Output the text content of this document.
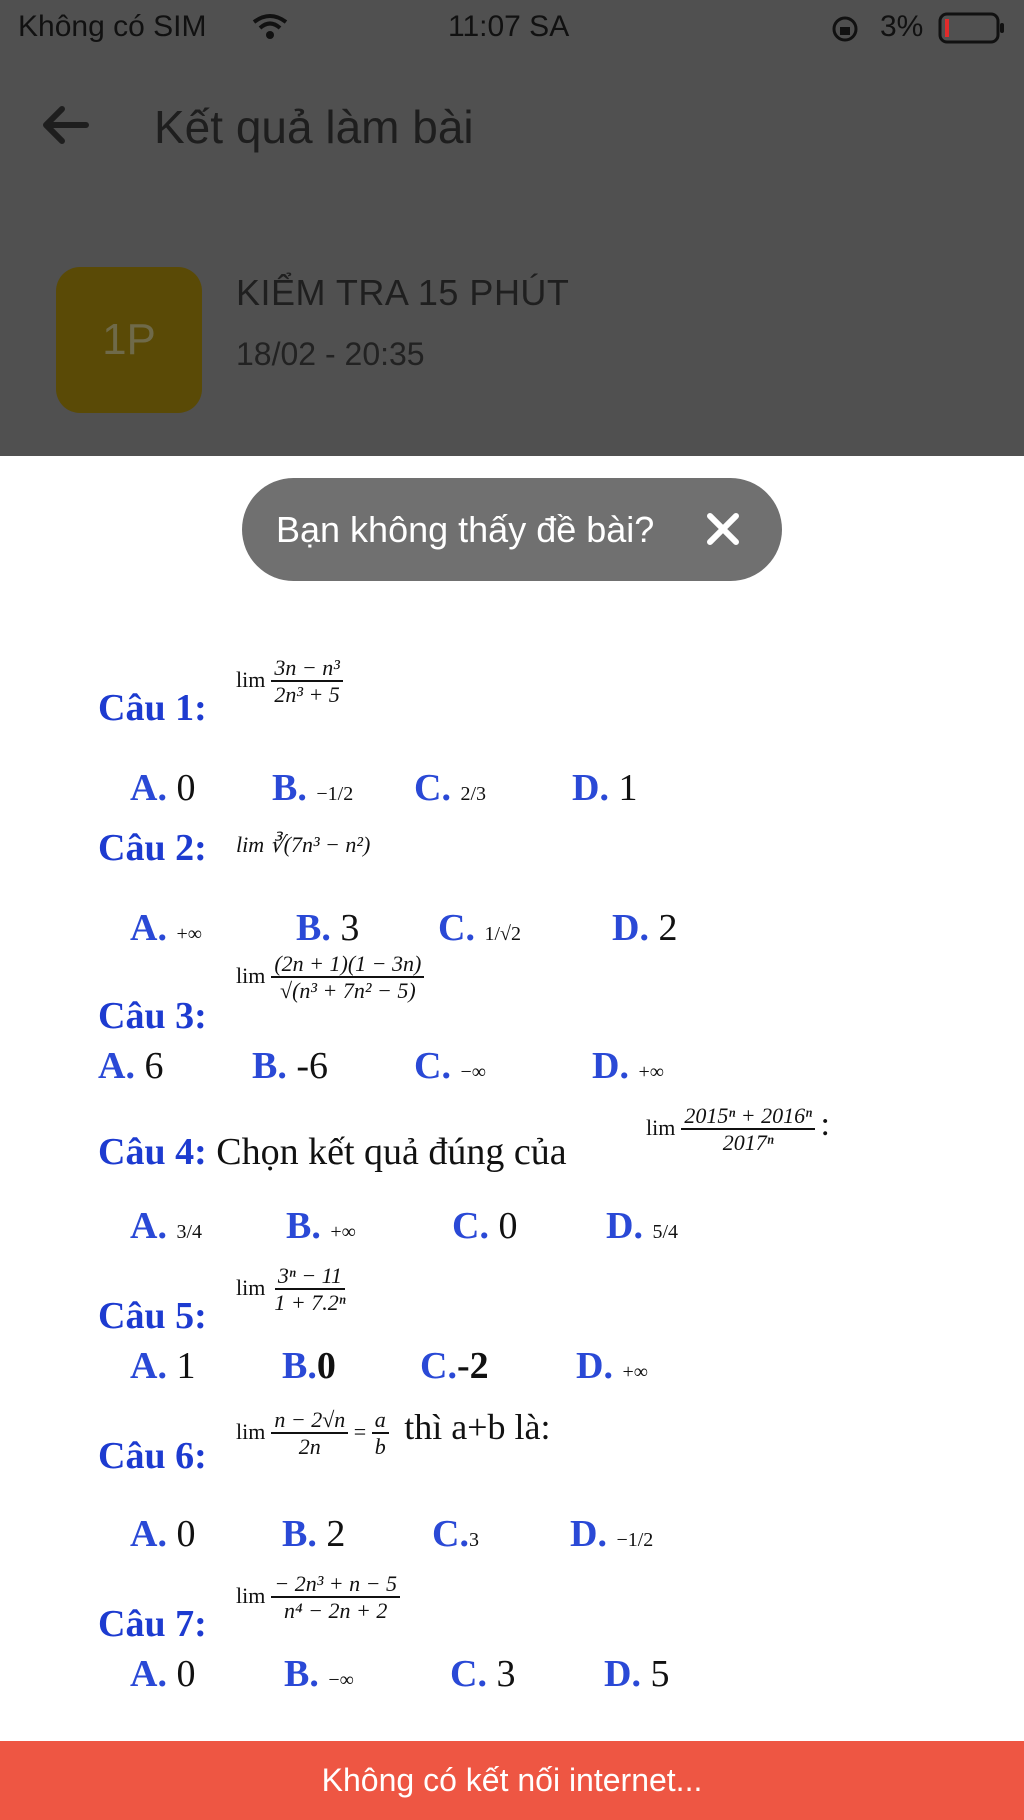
Không có SIM	11:07 SA	3%
Kết quả làm bài
1P
KIỂM TRA 15 PHÚT
18/02 - 20:35
Bạn không thấy đề bài?
Câu 1:
$\lim \frac{\text{3n − n³}}{\text{2n³ + 5}}$
A. 0 B. −1/2 C. 2/3 D. 1
Câu 2: lim ∛(7n³ − n²)
A. +∞ B. 3 C. 1/√2 D. 2
Câu 3:
$\lim \frac{(2n + 1)(1 - 3n)}{\text{√(n³ + 7n² − 5)}}$
A. 6 B. -6 C. −∞	D. +∞
Câu 4: Chọn kết quả đúng của
$\lim \frac{\text{2015ⁿ + 2016ⁿ}}{\text{2017ⁿ}}$ :
A. 3/4 B. +∞	C. 0 D. 5/4
Câu 5:
$\lim \frac{\text{3ⁿ − 11}}{\text{1 + 7.2ⁿ}}$
A. 1 B.0 C.-2 D. +∞
Câu 6:
$\lim \frac{n - 2√n}{2n} = \frac{a}{b}$ thì a+b là:
A. 0 B. 2 C.3 D. −1/2
Câu 7:
$\lim \frac{\text{− 2n³ + n − 5}}{\text{n⁴ − 2n + 2}}$
A. 0 B. −∞	C. 3 D. 5
Không có kết nối internet...
